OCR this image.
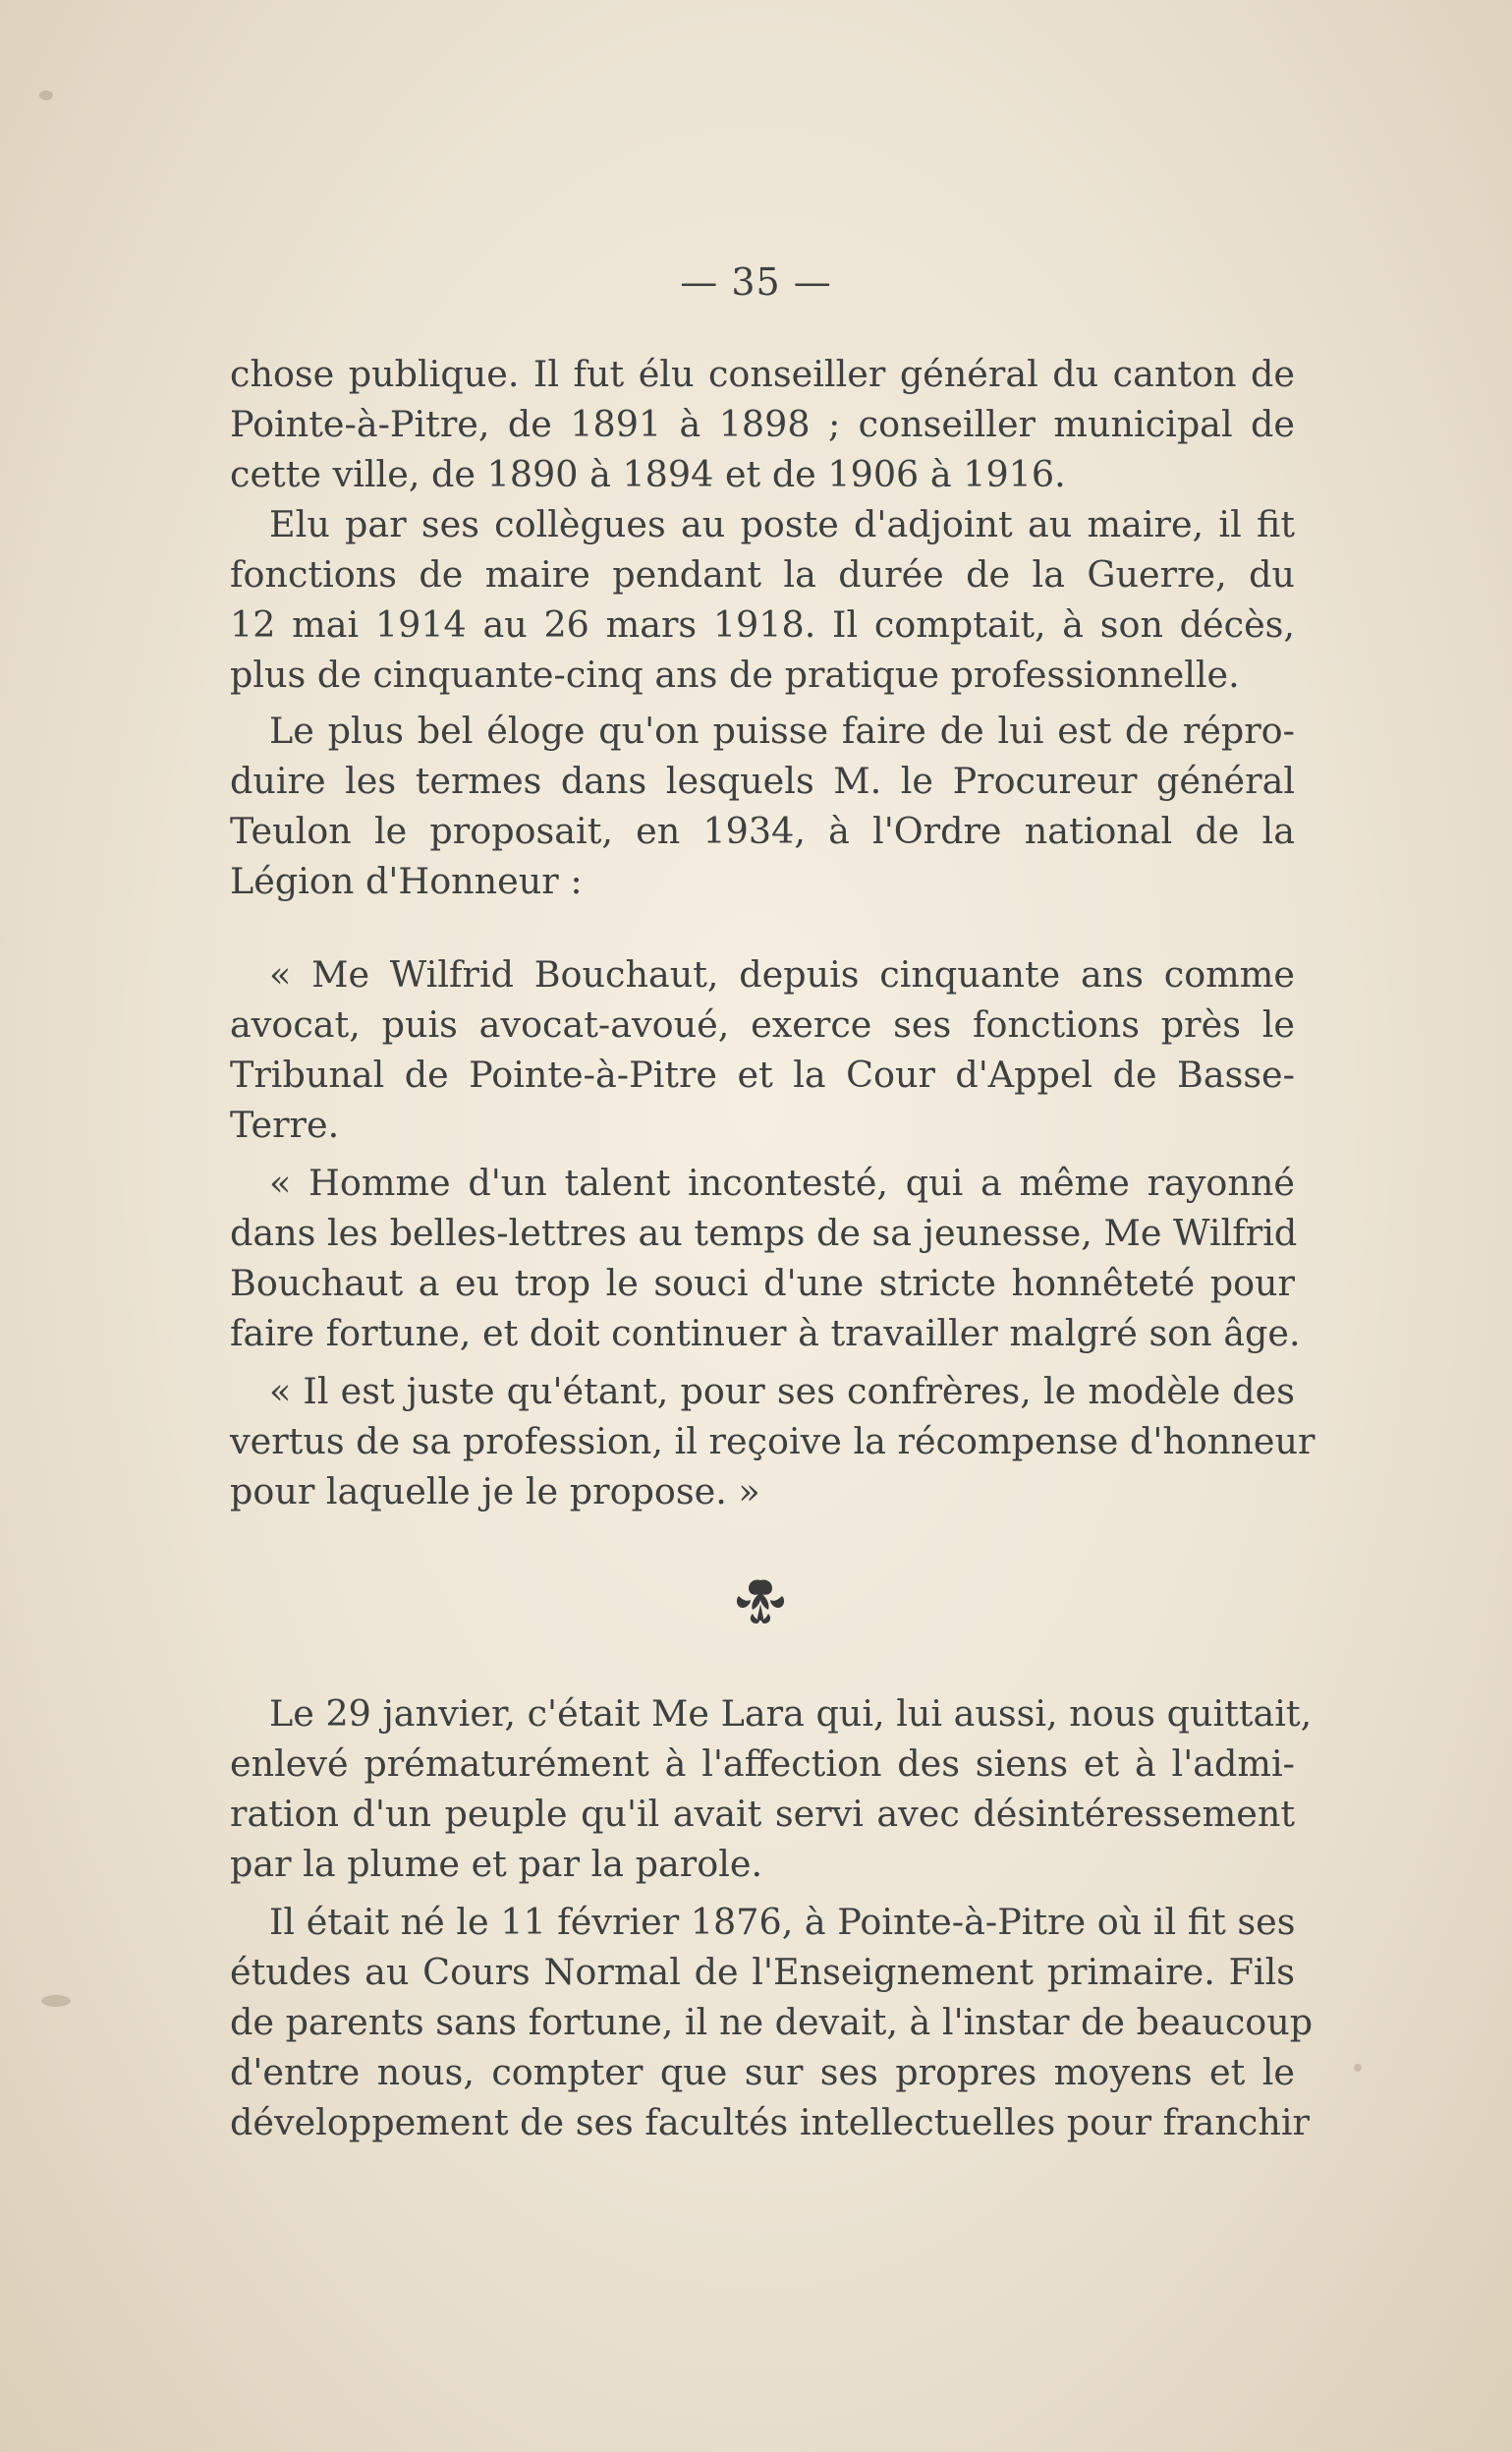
— 35 —
chose publique. Il fut élu conseiller général du canton de
Pointe-à-Pitre, de 1891 à 1898 ; conseiller municipal de
cette ville, de 1890 à 1894 et de 1906 à 1916.
Elu par ses collègues au poste d'adjoint au maire, il fit
fonctions de maire pendant la durée de la Guerre, du
12 mai 1914 au 26 mars 1918. Il comptait, à son décès,
plus de cinquante-cinq ans de pratique professionnelle.
Le plus bel éloge qu'on puisse faire de lui est de répro-
duire les termes dans lesquels M. le Procureur général
Teulon le proposait, en 1934, à l'Ordre national de la
Légion d'Honneur :
« Me Wilfrid Bouchaut, depuis cinquante ans comme
avocat, puis avocat-avoué, exerce ses fonctions près le
Tribunal de Pointe-à-Pitre et la Cour d'Appel de Basse-
Terre.
« Homme d'un talent incontesté, qui a même rayonné
dans les belles-lettres au temps de sa jeunesse, Me Wilfrid
Bouchaut a eu trop le souci d'une stricte honnêteté pour
faire fortune, et doit continuer à travailler malgré son âge.
« Il est juste qu'étant, pour ses confrères, le modèle des
vertus de sa profession, il reçoive la récompense d'honneur
pour laquelle je le propose. »
Le 29 janvier, c'était Me Lara qui, lui aussi, nous quittait,
enlevé prématurément à l'affection des siens et à l'admi-
ration d'un peuple qu'il avait servi avec désintéressement
par la plume et par la parole.
Il était né le 11 février 1876, à Pointe-à-Pitre où il fit ses
études au Cours Normal de l'Enseignement primaire. Fils
de parents sans fortune, il ne devait, à l'instar de beaucoup
d'entre nous, compter que sur ses propres moyens et le
développement de ses facultés intellectuelles pour franchir
